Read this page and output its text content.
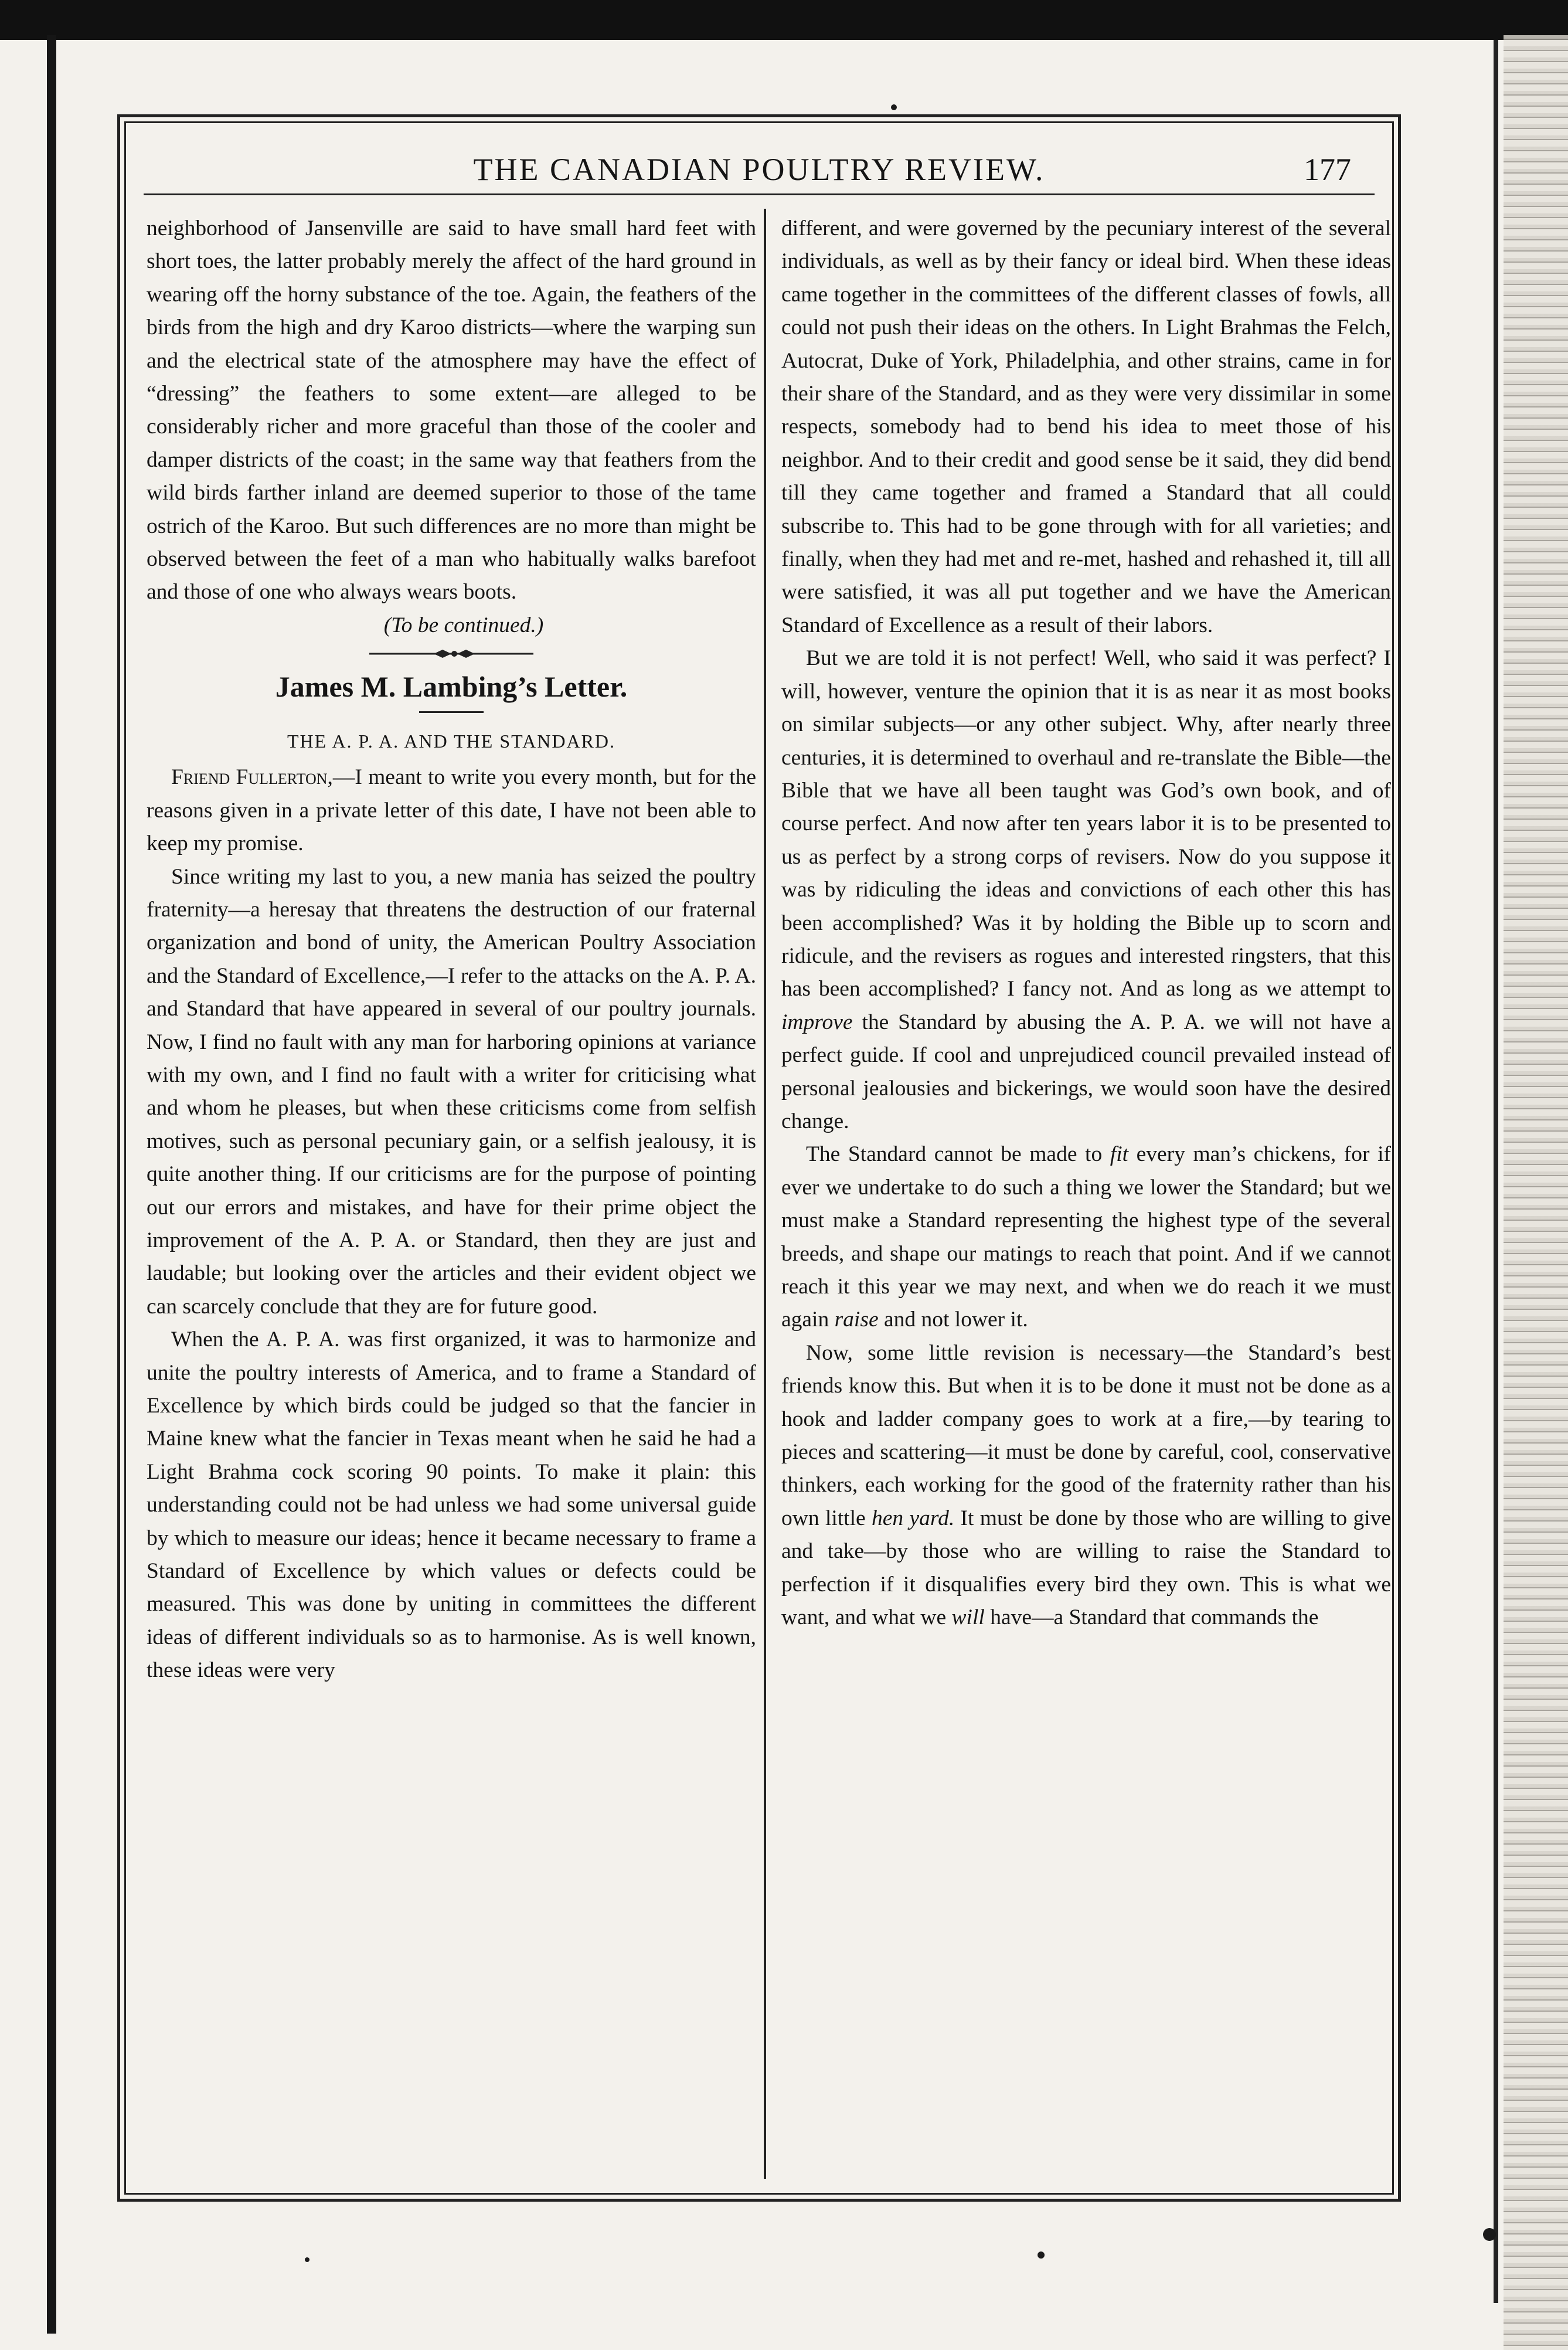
THE CANADIAN POULTRY REVIEW.	177

neighborhood of Jansenville are said to have small hard feet with short toes, the latter probably merely the affect of the hard ground in wearing off the horny substance of the toe. Again, the feathers of the birds from the high and dry Karoo districts—where the warping sun and the electrical state of the atmosphere may have the effect of “dressing” the feathers to some extent—are alleged to be considerably richer and more graceful than those of the cooler and damper districts of the coast; in the same way that feathers from the wild birds farther inland are deemed superior to those of the tame ostrich of the Karoo. But such differences are no more than might be observed between the feet of a man who habitually walks barefoot and those of one who always wears boots.

(To be continued.)

James M. Lambing’s Letter.
THE A. P. A. AND THE STANDARD.

Friend Fullerton,—I meant to write you every month, but for the reasons given in a private letter of this date, I have not been able to keep my promise.

Since writing my last to you, a new mania has seized the poultry fraternity—a heresay that threatens the destruction of our fraternal organization and bond of unity, the American Poultry Association and the Standard of Excellence,—I refer to the attacks on the A. P. A. and Standard that have appeared in several of our poultry journals. Now, I find no fault with any man for harboring opinions at variance with my own, and I find no fault with a writer for criticising what and whom he pleases, but when these criticisms come from selfish motives, such as personal pecuniary gain, or a selfish jealousy, it is quite another thing. If our criticisms are for the purpose of pointing out our errors and mistakes, and have for their prime object the improvement of the A. P. A. or Standard, then they are just and laudable; but looking over the articles and their evident object we can scarcely conclude that they are for future good.

When the A. P. A. was first organized, it was to harmonize and unite the poultry interests of America, and to frame a Standard of Excellence by which birds could be judged so that the fancier in Maine knew what the fancier in Texas meant when he said he had a Light Brahma cock scoring 90 points. To make it plain: this understanding could not be had unless we had some universal guide by which to measure our ideas; hence it became necessary to frame a Standard of Excellence by which values or defects could be measured. This was done by uniting in committees the different ideas of different individuals so as to harmonise. As is well known, these ideas were very

different, and were governed by the pecuniary interest of the several individuals, as well as by their fancy or ideal bird. When these ideas came together in the committees of the different classes of fowls, all could not push their ideas on the others. In Light Brahmas the Felch, Autocrat, Duke of York, Philadelphia, and other strains, came in for their share of the Standard, and as they were very dissimilar in some respects, somebody had to bend his idea to meet those of his neighbor. And to their credit and good sense be it said, they did bend till they came together and framed a Standard that all could subscribe to. This had to be gone through with for all varieties; and finally, when they had met and re-met, hashed and rehashed it, till all were satisfied, it was all put together and we have the American Standard of Excellence as a result of their labors.

But we are told it is not perfect! Well, who said it was perfect? I will, however, venture the opinion that it is as near it as most books on similar subjects—or any other subject. Why, after nearly three centuries, it is determined to overhaul and re-translate the Bible—the Bible that we have all been taught was God’s own book, and of course perfect. And now after ten years labor it is to be presented to us as perfect by a strong corps of revisers. Now do you suppose it was by ridiculing the ideas and convictions of each other this has been accomplished? Was it by holding the Bible up to scorn and ridicule, and the revisers as rogues and interested ringsters, that this has been accomplished? I fancy not. And as long as we attempt to improve the Standard by abusing the A. P. A. we will not have a perfect guide. If cool and unprejudiced council prevailed instead of personal jealousies and bickerings, we would soon have the desired change.

The Standard cannot be made to fit every man’s chickens, for if ever we undertake to do such a thing we lower the Standard; but we must make a Standard representing the highest type of the several breeds, and shape our matings to reach that point. And if we cannot reach it this year we may next, and when we do reach it we must again raise and not lower it.

Now, some little revision is necessary—the Standard’s best friends know this. But when it is to be done it must not be done as a hook and ladder company goes to work at a fire,—by tearing to pieces and scattering—it must be done by careful, cool, conservative thinkers, each working for the good of the fraternity rather than his own little hen yard. It must be done by those who are willing to give and take—by those who are willing to raise the Standard to perfection if it disqualifies every bird they own. This is what we want, and what we will have—a Standard that commands the
